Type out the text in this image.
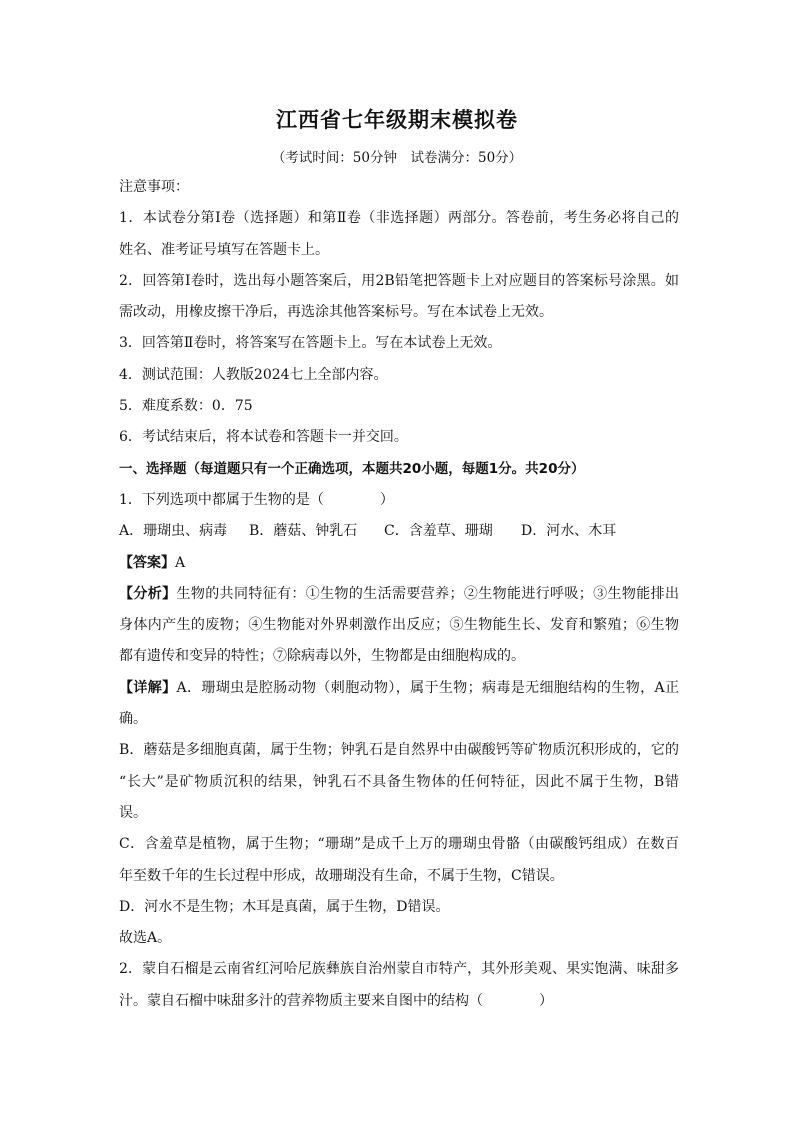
江西省七年级期末模拟卷
（考试时间：50分钟　试卷满分：50分）
注意事项：
1．本试卷分第Ⅰ卷（选择题）和第Ⅱ卷（非选择题）两部分。答卷前，考生务必将自己的
姓名、准考证号填写在答题卡上。
2．回答第Ⅰ卷时，选出每小题答案后，用2B铅笔把答题卡上对应题目的答案标号涂黑。如
需改动，用橡皮擦干净后，再选涂其他答案标号。写在本试卷上无效。
3．回答第Ⅱ卷时，将答案写在答题卡上。写在本试卷上无效。
4．测试范围：人教版2024七上全部内容。
5．难度系数：0．75
6．考试结束后，将本试卷和答题卡一并交回。
一、选择题（每道题只有一个正确选项，本题共20小题，每题1分。共20分）
1．下列选项中都属于生物的是（　　　　）
A．珊瑚虫、病毒 B．蘑菇、钟乳石 C．含羞草、珊瑚 D．河水、木耳
【答案】A
【分析】生物的共同特征有：①生物的生活需要营养；②生物能进行呼吸；③生物能排出
身体内产生的废物；④生物能对外界刺激作出反应；⑤生物能生长、发育和繁殖；⑥生物
都有遗传和变异的特性；⑦除病毒以外，生物都是由细胞构成的。
【详解】A．珊瑚虫是腔肠动物（刺胞动物），属于生物；病毒是无细胞结构的生物，A正
确。
B．蘑菇是多细胞真菌，属于生物；钟乳石是自然界中由碳酸钙等矿物质沉积形成的，它的
“长大”是矿物质沉积的结果，钟乳石不具备生物体的任何特征，因此不属于生物，B错
误。
C．含羞草是植物，属于生物；“珊瑚”是成千上万的珊瑚虫骨骼（由碳酸钙组成）在数百
年至数千年的生长过程中形成，故珊瑚没有生命，不属于生物，C错误。
D．河水不是生物；木耳是真菌，属于生物，D错误。
故选A。
2．蒙自石榴是云南省红河哈尼族彝族自治州蒙自市特产，其外形美观、果实饱满、味甜多
汁。蒙自石榴中味甜多汁的营养物质主要来自图中的结构（　　　　）
